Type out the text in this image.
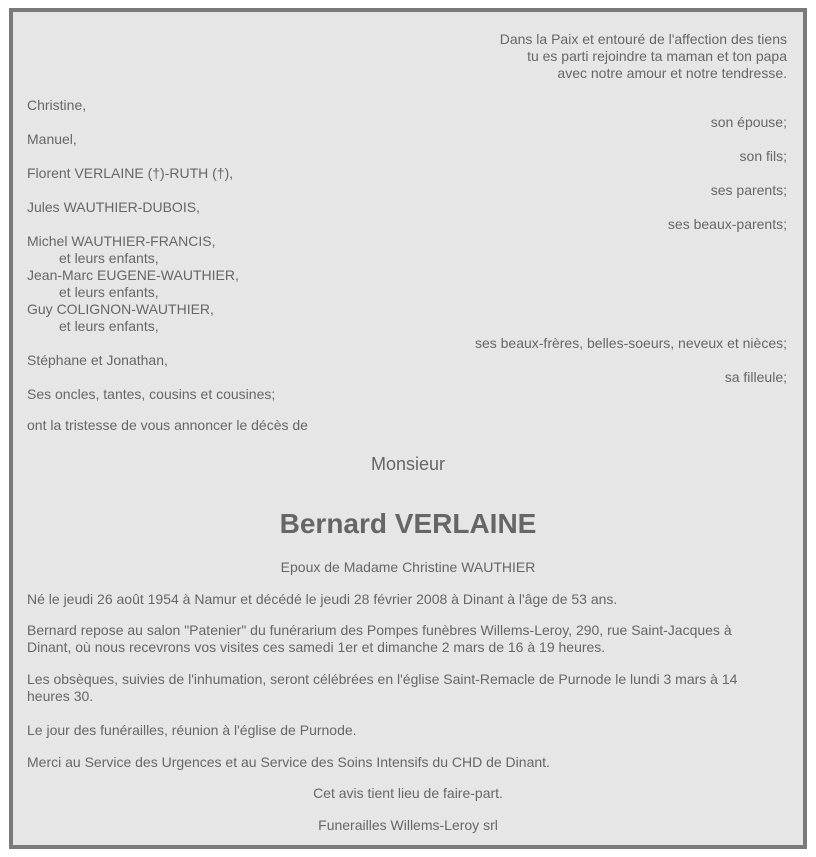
Dans la Paix et entouré de l'affection des tiens
tu es parti rejoindre ta maman et ton papa
avec notre amour et notre tendresse.
Christine,
son épouse;
Manuel,
son fils;
Florent VERLAINE (†)-RUTH (†),
ses parents;
Jules WAUTHIER-DUBOIS,
ses beaux-parents;
Michel WAUTHIER-FRANCIS,
et leurs enfants,
Jean-Marc EUGENE-WAUTHIER,
et leurs enfants,
Guy COLIGNON-WAUTHIER,
et leurs enfants,
ses beaux-frères, belles-soeurs, neveux et nièces;
Stéphane et Jonathan,
sa filleule;
Ses oncles, tantes, cousins et cousines;
ont la tristesse de vous annoncer le décès de
Monsieur
Bernard VERLAINE
Epoux de Madame Christine WAUTHIER
Né le jeudi 26 août 1954 à Namur et décédé le jeudi 28 février 2008 à Dinant à l'âge de 53 ans.
Bernard repose au salon "Patenier" du funérarium des Pompes funèbres Willems-Leroy, 290, rue Saint-Jacques à
Dinant, où nous recevrons vos visites ces samedi 1er et dimanche 2 mars de 16 à 19 heures.
Les obsèques, suivies de l'inhumation, seront célébrées en l'église Saint-Remacle de Purnode le lundi 3 mars à 14
heures 30.
Le jour des funérailles, réunion à l'église de Purnode.
Merci au Service des Urgences et au Service des Soins Intensifs du CHD de Dinant.
Cet avis tient lieu de faire-part.
Funerailles Willems-Leroy srl
